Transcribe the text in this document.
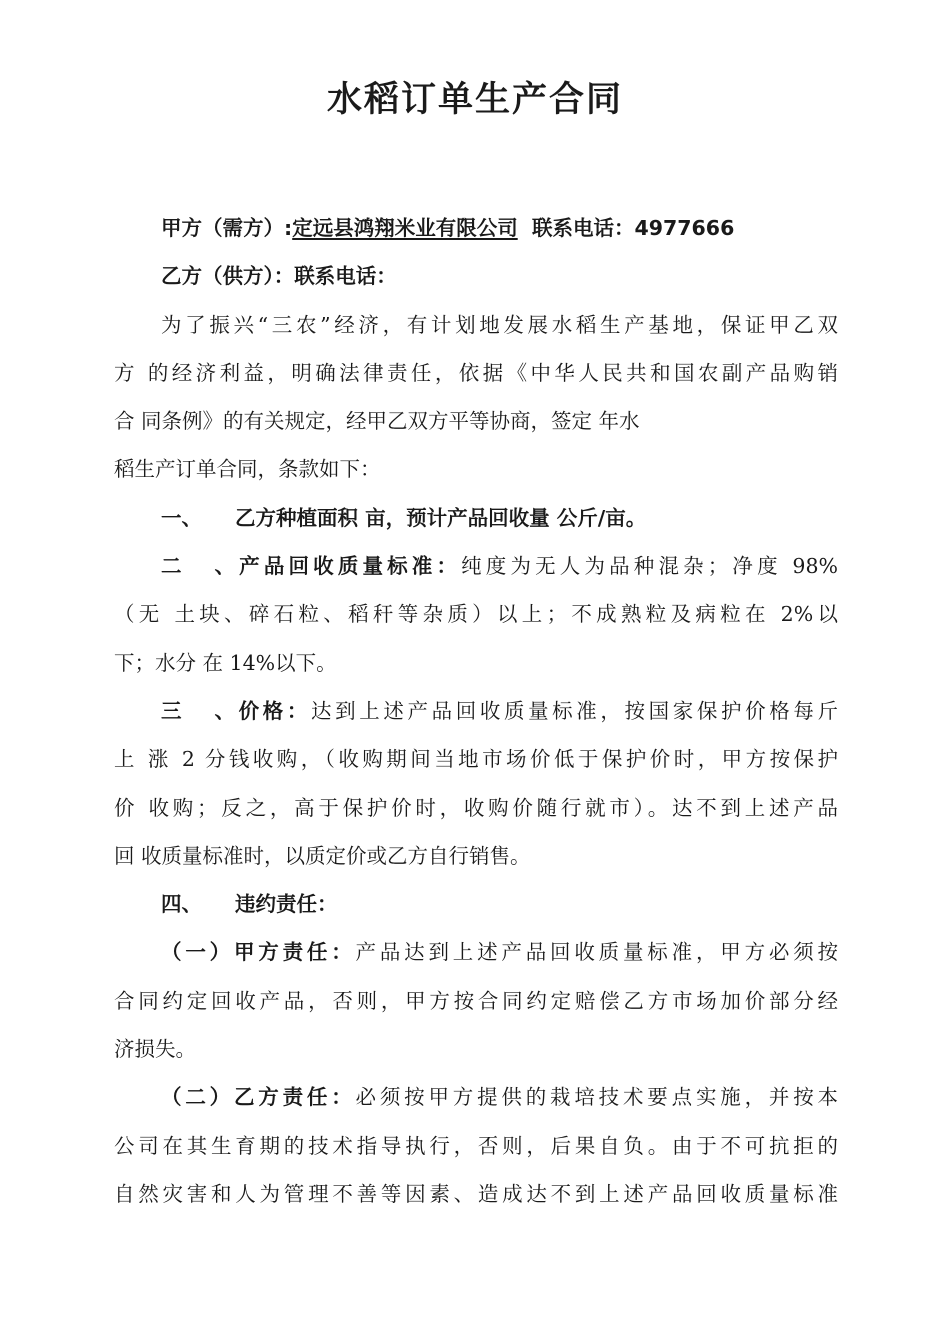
水稻订单生产合同
甲方（需方）:定远县鸿翔米业有限公司 联系电话：4977666
乙方（供方）：联系电话：
为了振兴“三农”经济，有计划地发展水稻生产基地，保证甲乙双
方 的经济利益，明确法律责任，依据《中华人民共和国农副产品购销
合 同条例》的有关规定，经甲乙双方平等协商，签定 年水
稻生产订单合同，条款如下：
一、 乙方种植面积 亩，预计产品回收量 公斤/亩。
二、产品回收质量标准：纯度为无人为品种混杂；净度 98%
（无 土块、碎石粒、稻秆等杂质）以上；不成熟粒及病粒在 2%以
下；水分 在 14%以下。
三、价格：达到上述产品回收质量标准，按国家保护价格每斤
上 涨 2 分钱收购，（收购期间当地市场价低于保护价时，甲方按保护
价 收购；反之，高于保护价时，收购价随行就市）。达不到上述产品
回 收质量标准时，以质定价或乙方自行销售。
四、 违约责任：
（一）甲方责任：产品达到上述产品回收质量标准，甲方必须按
合同约定回收产品，否则，甲方按合同约定赔偿乙方市场加价部分经
济损失。
（二）乙方责任：必须按甲方提供的栽培技术要点实施，并按本
公司在其生育期的技术指导执行，否则，后果自负。由于不可抗拒的
自然灾害和人为管理不善等因素、造成达不到上述产品回收质量标准
